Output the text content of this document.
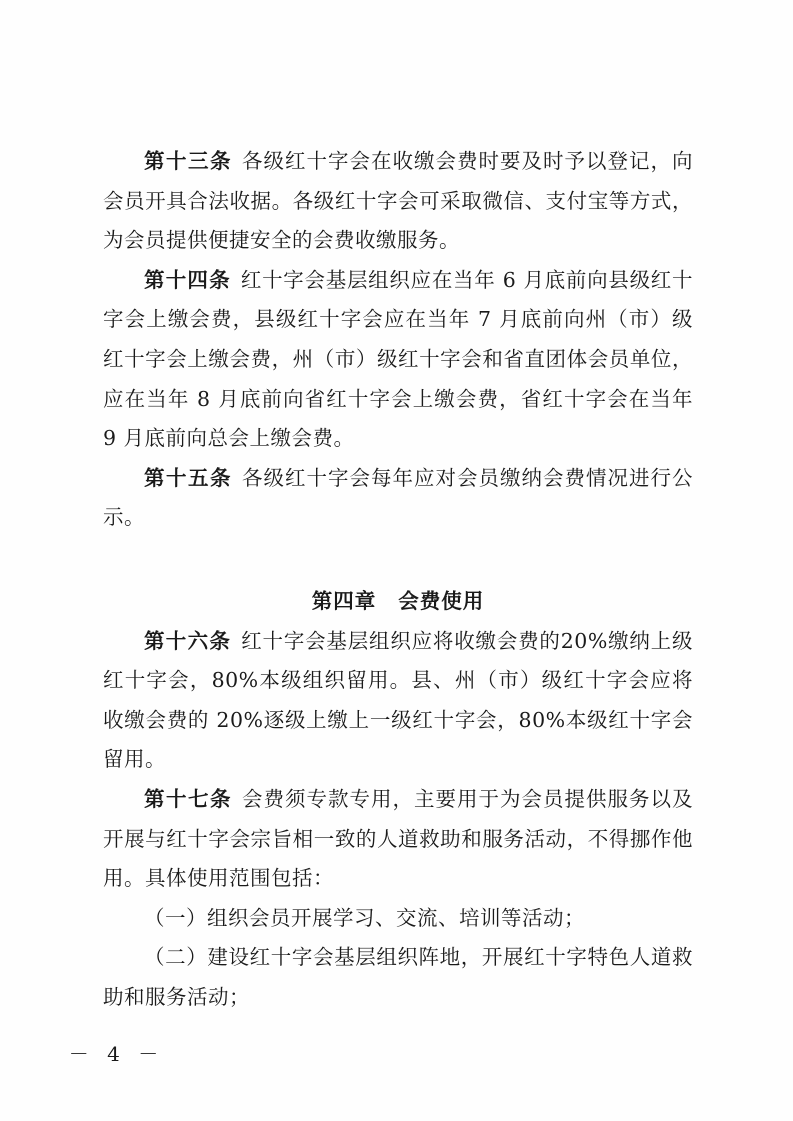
第十三条 各级红十字会在收缴会费时要及时予以登记，向会员开具合法收据。各级红十字会可采取微信、支付宝等方式，为会员提供便捷安全的会费收缴服务。

第十四条 红十字会基层组织应在当年 6 月底前向县级红十字会上缴会费，县级红十字会应在当年 7 月底前向州（市）级红十字会上缴会费，州（市）级红十字会和省直团体会员单位，应在当年 8 月底前向省红十字会上缴会费，省红十字会在当年 9 月底前向总会上缴会费。

第十五条 各级红十字会每年应对会员缴纳会费情况进行公示。

第四章 会费使用

第十六条 红十字会基层组织应将收缴会费的20%缴纳上级红十字会，80%本级组织留用。县、州（市）级红十字会应将收缴会费的 20%逐级上缴上一级红十字会，80%本级红十字会留用。

第十七条 会费须专款专用，主要用于为会员提供服务以及开展与红十字会宗旨相一致的人道救助和服务活动，不得挪作他用。具体使用范围包括：

（一）组织会员开展学习、交流、培训等活动；

（二）建设红十字会基层组织阵地，开展红十字特色人道救助和服务活动；

－ 4 －
